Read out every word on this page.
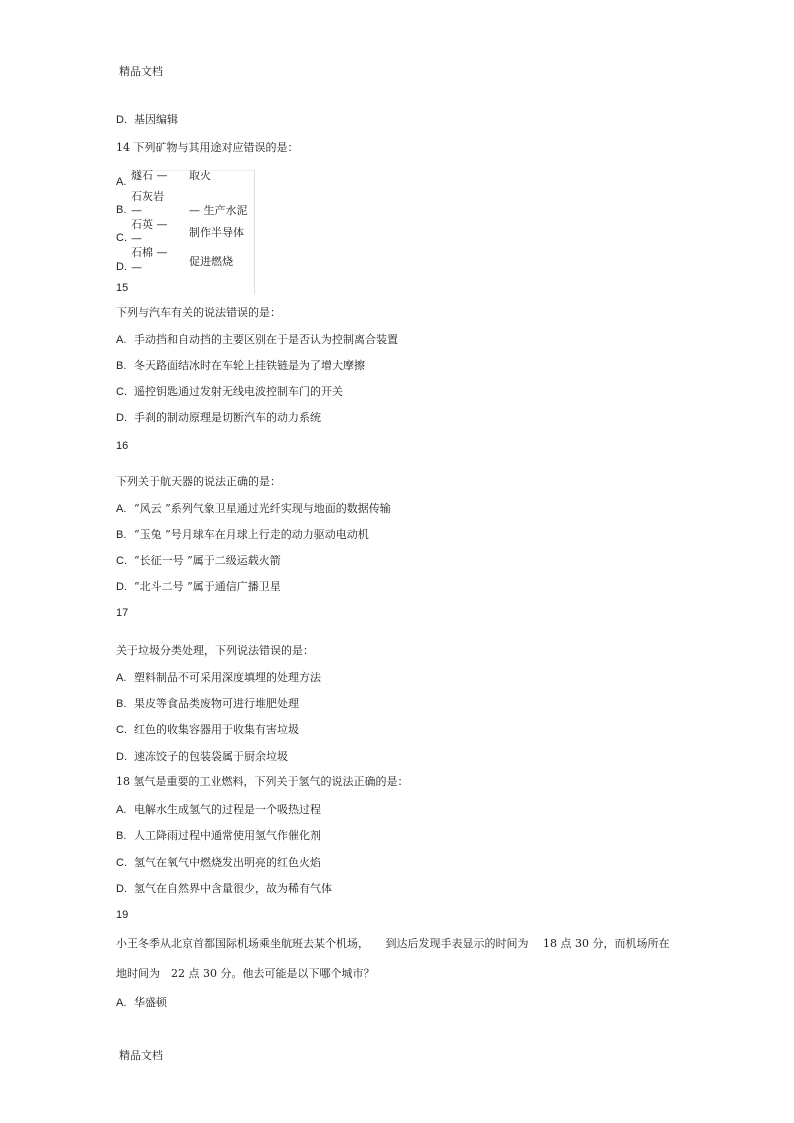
精品文档
D. 基因编辑
14 下列矿物与其用途对应错误的是：
A.
B.
C.
D.
燧石 —
石灰岩
—
石英 —
—
石棉 —
—
取火
— 生产水泥
制作半导体
促进燃烧
15
下列与汽车有关的说法错误的是：
A. 手动挡和自动挡的主要区别在于是否认为控制离合装置
B. 冬天路面结冰时在车轮上挂铁链是为了增大摩擦
C. 遥控钥匙通过发射无线电波控制车门的开关
D. 手刹的制动原理是切断汽车的动力系统
16
下列关于航天器的说法正确的是：
A. “风云 ”系列气象卫星通过光纤实现与地面的数据传输
B. “玉兔 ”号月球车在月球上行走的动力驱动电动机
C. “长征一号 ”属于二级运载火箭
D. “北斗二号 ”属于通信广播卫星
17
关于垃圾分类处理，下列说法错误的是：
A. 塑料制品不可采用深度填埋的处理方法
B. 果皮等食品类废物可进行堆肥处理
C. 红色的收集容器用于收集有害垃圾
D. 速冻饺子的包装袋属于厨余垃圾
18 氢气是重要的工业燃料，下列关于氢气的说法正确的是：
A. 电解水生成氢气的过程是一个吸热过程
B. 人工降雨过程中通常使用氢气作催化剂
C. 氢气在氧气中燃烧发出明亮的红色火焰
D. 氢气在自然界中含量很少，故为稀有气体
19
小王冬季从北京首都国际机场乘坐航班去某个机场，　　到达后发现手表显示的时间为　 18 点 30 分，而机场所在
地时间为　22 点 30 分。他去可能是以下哪个城市？
A. 华盛顿
精品文档
